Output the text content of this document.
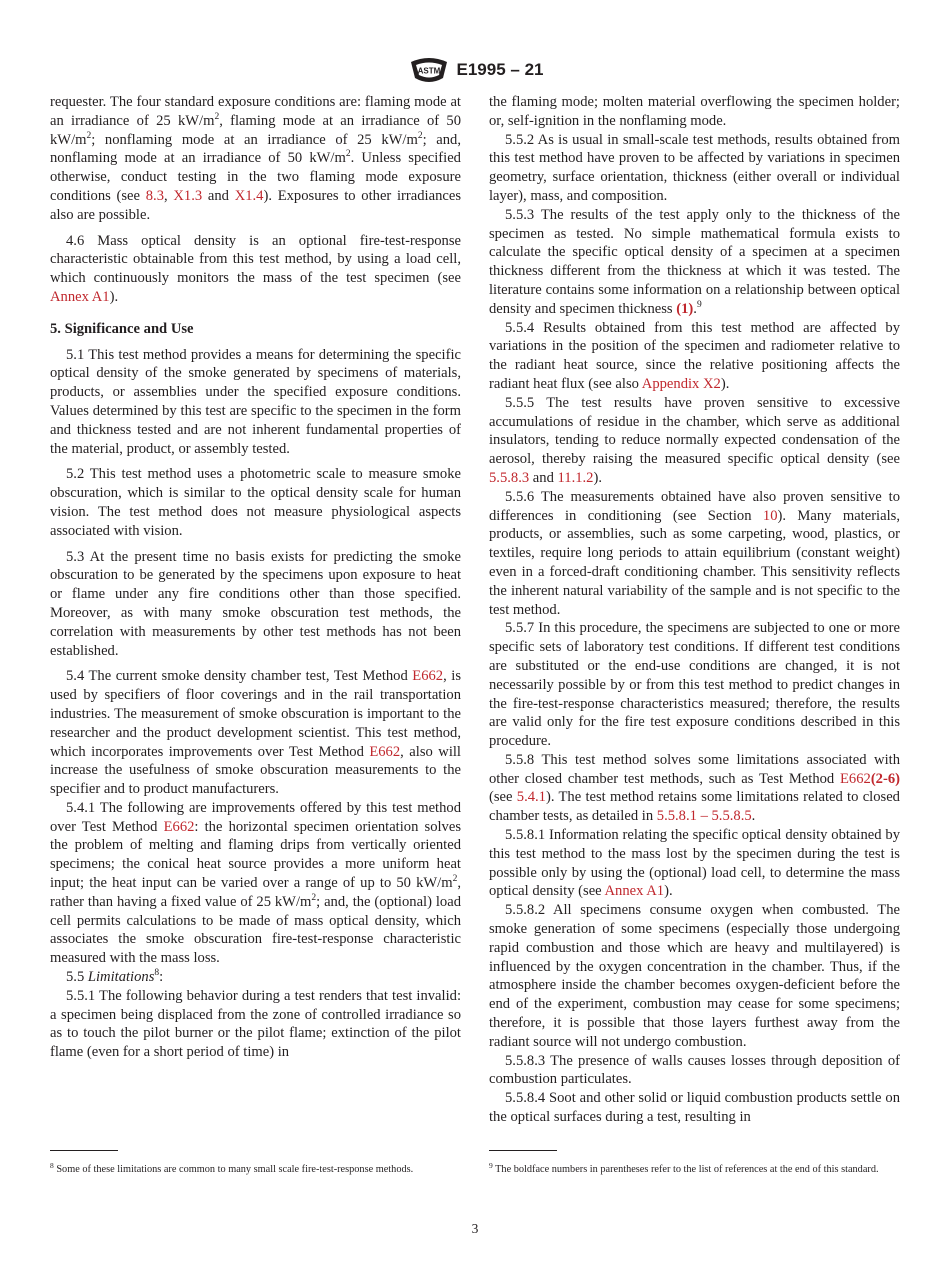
ASTM E1995 – 21

requester. The four standard exposure conditions are: flaming mode at an irradiance of 25 $kW/m^2$, flaming mode at an irradiance of 50 $kW/m^2$; nonflaming mode at an irradiance of 25 $kW/m^2$; and, nonflaming mode at an irradiance of 50 $kW/m^2$. Unless specified otherwise, conduct testing in the two flaming mode exposure conditions (see 8.3, X1.3 and X1.4). Exposures to other irradiances also are possible.

4.6 Mass optical density is an optional fire-test-response characteristic obtainable from this test method, by using a load cell, which continuously monitors the mass of the test specimen (see Annex A1).

5. Significance and Use

5.1 This test method provides a means for determining the specific optical density of the smoke generated by specimens of materials, products, or assemblies under the specified exposure conditions. Values determined by this test are specific to the specimen in the form and thickness tested and are not inherent fundamental properties of the material, product, or assembly tested.

5.2 This test method uses a photometric scale to measure smoke obscuration, which is similar to the optical density scale for human vision. The test method does not measure physiological aspects associated with vision.

5.3 At the present time no basis exists for predicting the smoke obscuration to be generated by the specimens upon exposure to heat or flame under any fire conditions other than those specified. Moreover, as with many smoke obscuration test methods, the correlation with measurements by other test methods has not been established.

5.4 The current smoke density chamber test, Test Method E662, is used by specifiers of floor coverings and in the rail transportation industries. The measurement of smoke obscuration is important to the researcher and the product development scientist. This test method, which incorporates improvements over Test Method E662, also will increase the usefulness of smoke obscuration measurements to the specifier and to product manufacturers.

5.4.1 The following are improvements offered by this test method over Test Method E662: the horizontal specimen orientation solves the problem of melting and flaming drips from vertically oriented specimens; the conical heat source provides a more uniform heat input; the heat input can be varied over a range of up to 50 $kW/m^2$, rather than having a fixed value of 25 $kW/m^2$; and, the (optional) load cell permits calculations to be made of mass optical density, which associates the smoke obscuration fire-test-response characteristic measured with the mass loss.

5.5 Limitations$^8$:

5.5.1 The following behavior during a test renders that test invalid: a specimen being displaced from the zone of controlled irradiance so as to touch the pilot burner or the pilot flame; extinction of the pilot flame (even for a short period of time) in

the flaming mode; molten material overflowing the specimen holder; or, self-ignition in the nonflaming mode.

5.5.2 As is usual in small-scale test methods, results obtained from this test method have proven to be affected by variations in specimen geometry, surface orientation, thickness (either overall or individual layer), mass, and composition.

5.5.3 The results of the test apply only to the thickness of the specimen as tested. No simple mathematical formula exists to calculate the specific optical density of a specimen at a specimen thickness different from the thickness at which it was tested. The literature contains some information on a relationship between optical density and specimen thickness (1).$^9$

5.5.4 Results obtained from this test method are affected by variations in the position of the specimen and radiometer relative to the radiant heat source, since the relative positioning affects the radiant heat flux (see also Appendix X2).

5.5.5 The test results have proven sensitive to excessive accumulations of residue in the chamber, which serve as additional insulators, tending to reduce normally expected condensation of the aerosol, thereby raising the measured specific optical density (see 5.5.8.3 and 11.1.2).

5.5.6 The measurements obtained have also proven sensitive to differences in conditioning (see Section 10). Many materials, products, or assemblies, such as some carpeting, wood, plastics, or textiles, require long periods to attain equilibrium (constant weight) even in a forced-draft conditioning chamber. This sensitivity reflects the inherent natural variability of the sample and is not specific to the test method.

5.5.7 In this procedure, the specimens are subjected to one or more specific sets of laboratory test conditions. If different test conditions are substituted or the end-use conditions are changed, it is not necessarily possible by or from this test method to predict changes in the fire-test-response characteristics measured; therefore, the results are valid only for the fire test exposure conditions described in this procedure.

5.5.8 This test method solves some limitations associated with other closed chamber test methods, such as Test Method E662(2-6) (see 5.4.1). The test method retains some limitations related to closed chamber tests, as detailed in 5.5.8.1 – 5.5.8.5.

5.5.8.1 Information relating the specific optical density obtained by this test method to the mass lost by the specimen during the test is possible only by using the (optional) load cell, to determine the mass optical density (see Annex A1).

5.5.8.2 All specimens consume oxygen when combusted. The smoke generation of some specimens (especially those undergoing rapid combustion and those which are heavy and multilayered) is influenced by the oxygen concentration in the chamber. Thus, if the atmosphere inside the chamber becomes oxygen-deficient before the end of the experiment, combustion may cease for some specimens; therefore, it is possible that those layers furthest away from the radiant source will not undergo combustion.

5.5.8.3 The presence of walls causes losses through deposition of combustion particulates.

5.5.8.4 Soot and other solid or liquid combustion products settle on the optical surfaces during a test, resulting in

$^8$ Some of these limitations are common to many small scale fire-test-response methods.	$^9$ The boldface numbers in parentheses refer to the list of references at the end of this standard.
3
